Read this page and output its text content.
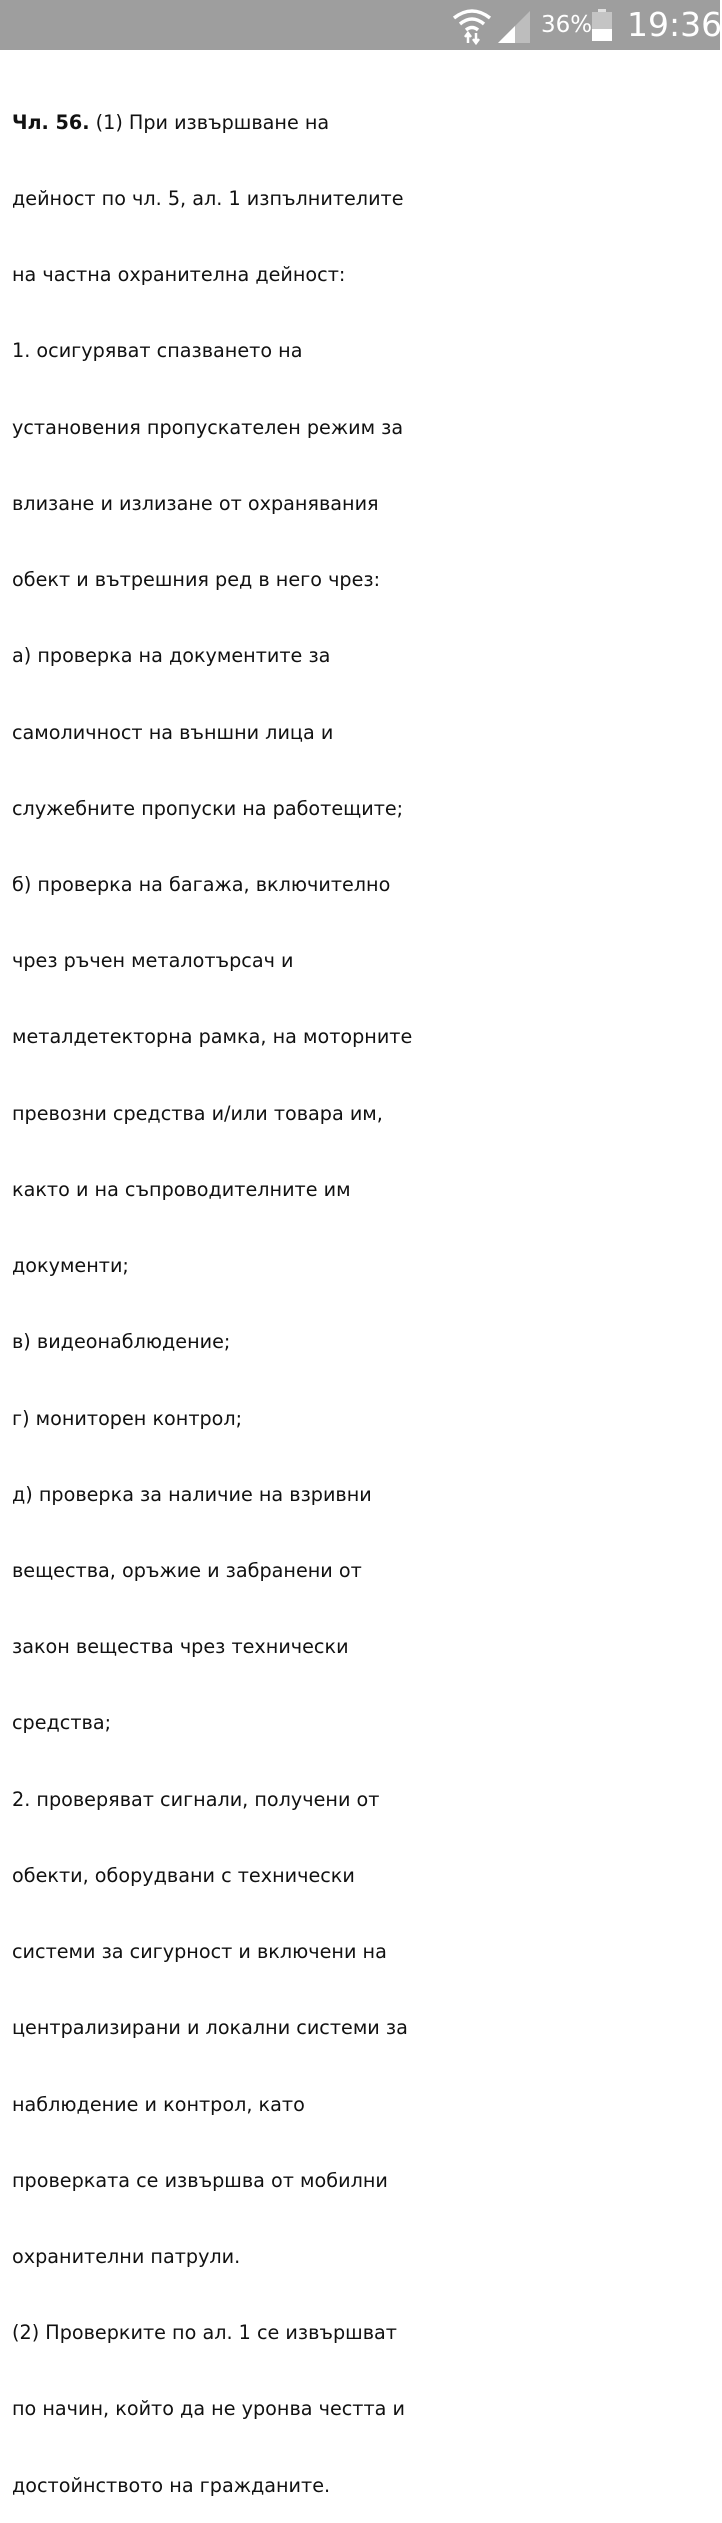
36% 19:36

Чл. 56. (1) При извършване на

дейност по чл. 5, ал. 1 изпълнителите

на частна охранителна дейност:

1. осигуряват спазването на

установения пропускателен режим за

влизане и излизане от охранявания

обект и вътрешния ред в него чрез:

а) проверка на документите за

самоличност на външни лица и

служебните пропуски на работещите;

б) проверка на багажа, включително

чрез ръчен металотърсач и

металдетекторна рамка, на моторните

превозни средства и/или товара им,

както и на съпроводителните им

документи;

в) видеонаблюдение;

г) мониторен контрол;

д) проверка за наличие на взривни

вещества, оръжие и забранени от

закон вещества чрез технически

средства;

2. проверяват сигнали, получени от

обекти, оборудвани с технически

системи за сигурност и включени на

централизирани и локални системи за

наблюдение и контрол, като

проверката се извършва от мобилни

охранителни патрули.

(2) Проверките по ал. 1 се извършват

по начин, който да не уронва честта и

достойнството на гражданите.
